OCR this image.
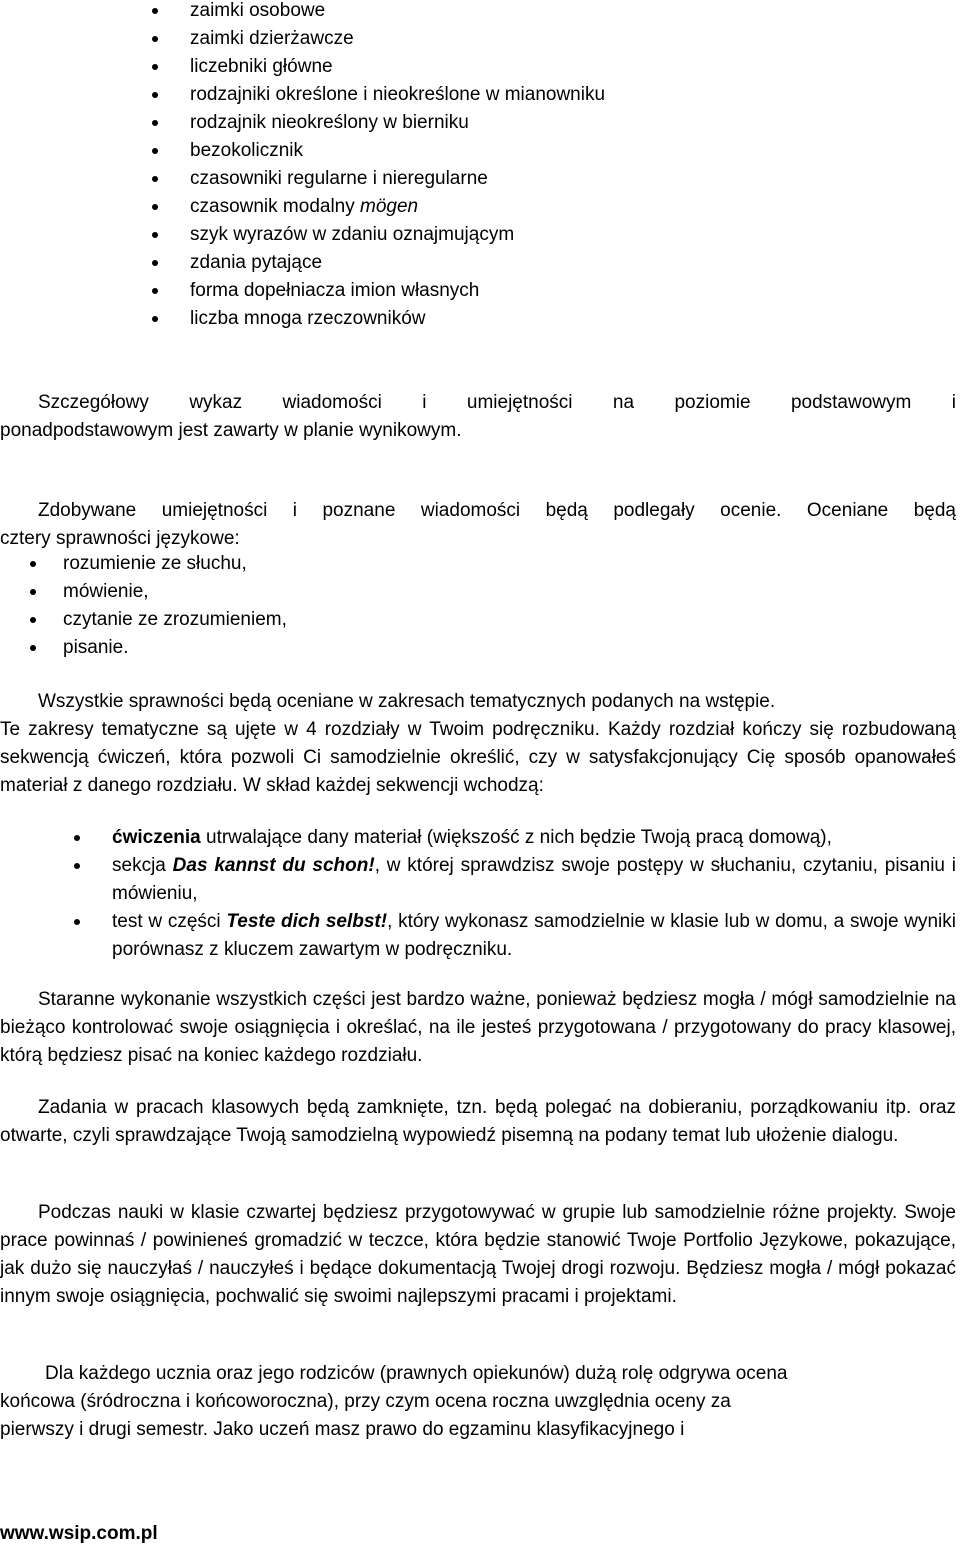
zaimki osobowe
zaimki dzierżawcze
liczebniki główne
rodzajniki określone i nieokreślone w mianowniku
rodzajnik nieokreślony w bierniku
bezokolicznik
czasowniki regularne i nieregularne
czasownik modalny mögen
szyk wyrazów w zdaniu oznajmującym
zdania pytające
forma dopełniacza imion własnych
liczba mnoga rzeczowników
Szczegółowy wykaz wiadomości i umiejętności na poziomie podstawowym i
ponadpodstawowym jest zawarty w planie wynikowym.
Zdobywane umiejętności i poznane wiadomości będą podlegały ocenie. Oceniane będą
cztery sprawności językowe:
rozumienie ze słuchu,
mówienie,
czytanie ze zrozumieniem,
pisanie.
Wszystkie sprawności będą oceniane w zakresach tematycznych podanych na wstępie.
Te zakresy tematyczne są ujęte w 4 rozdziały w Twoim podręczniku. Każdy rozdział kończy się rozbudowaną sekwencją ćwiczeń, która pozwoli Ci samodzielnie określić, czy w satysfakcjonujący Cię sposób opanowałeś materiał z danego rozdziału. W skład każdej sekwencji wchodzą:
ćwiczenia utrwalające dany materiał (większość z nich będzie Twoją pracą domową),
sekcja Das kannst du schon!, w której sprawdzisz swoje postępy w słuchaniu, czytaniu, pisaniu i mówieniu,
test w części Teste dich selbst!, który wykonasz samodzielnie w klasie lub w domu, a swoje wyniki porównasz z kluczem zawartym w podręczniku.
Staranne wykonanie wszystkich części jest bardzo ważne, ponieważ będziesz mogła / mógł samodzielnie na bieżąco kontrolować swoje osiągnięcia i określać, na ile jesteś przygotowana / przygotowany do pracy klasowej, którą będziesz pisać na koniec każdego rozdziału.
Zadania w pracach klasowych będą zamknięte, tzn. będą polegać na dobieraniu, porządkowaniu itp. oraz otwarte, czyli sprawdzające Twoją samodzielną wypowiedź pisemną na podany temat lub ułożenie dialogu.
Podczas nauki w klasie czwartej będziesz przygotowywać w grupie lub samodzielnie różne projekty. Swoje prace powinnaś / powinieneś gromadzić w teczce, która będzie stanowić Twoje Portfolio Językowe, pokazujące, jak dużo się nauczyłaś / nauczyłeś i będące dokumentacją Twojej drogi rozwoju. Będziesz mogła / mógł pokazać innym swoje osiągnięcia, pochwalić się swoimi najlepszymi pracami i projektami.
Dla każdego ucznia oraz jego rodziców (prawnych opiekunów) dużą rolę odgrywa ocena
końcowa (śródroczna i końcoworoczna), przy czym ocena roczna uwzględnia oceny za
pierwszy i drugi semestr. Jako uczeń masz prawo do egzaminu klasyfikacyjnego i
www.wsip.com.pl
